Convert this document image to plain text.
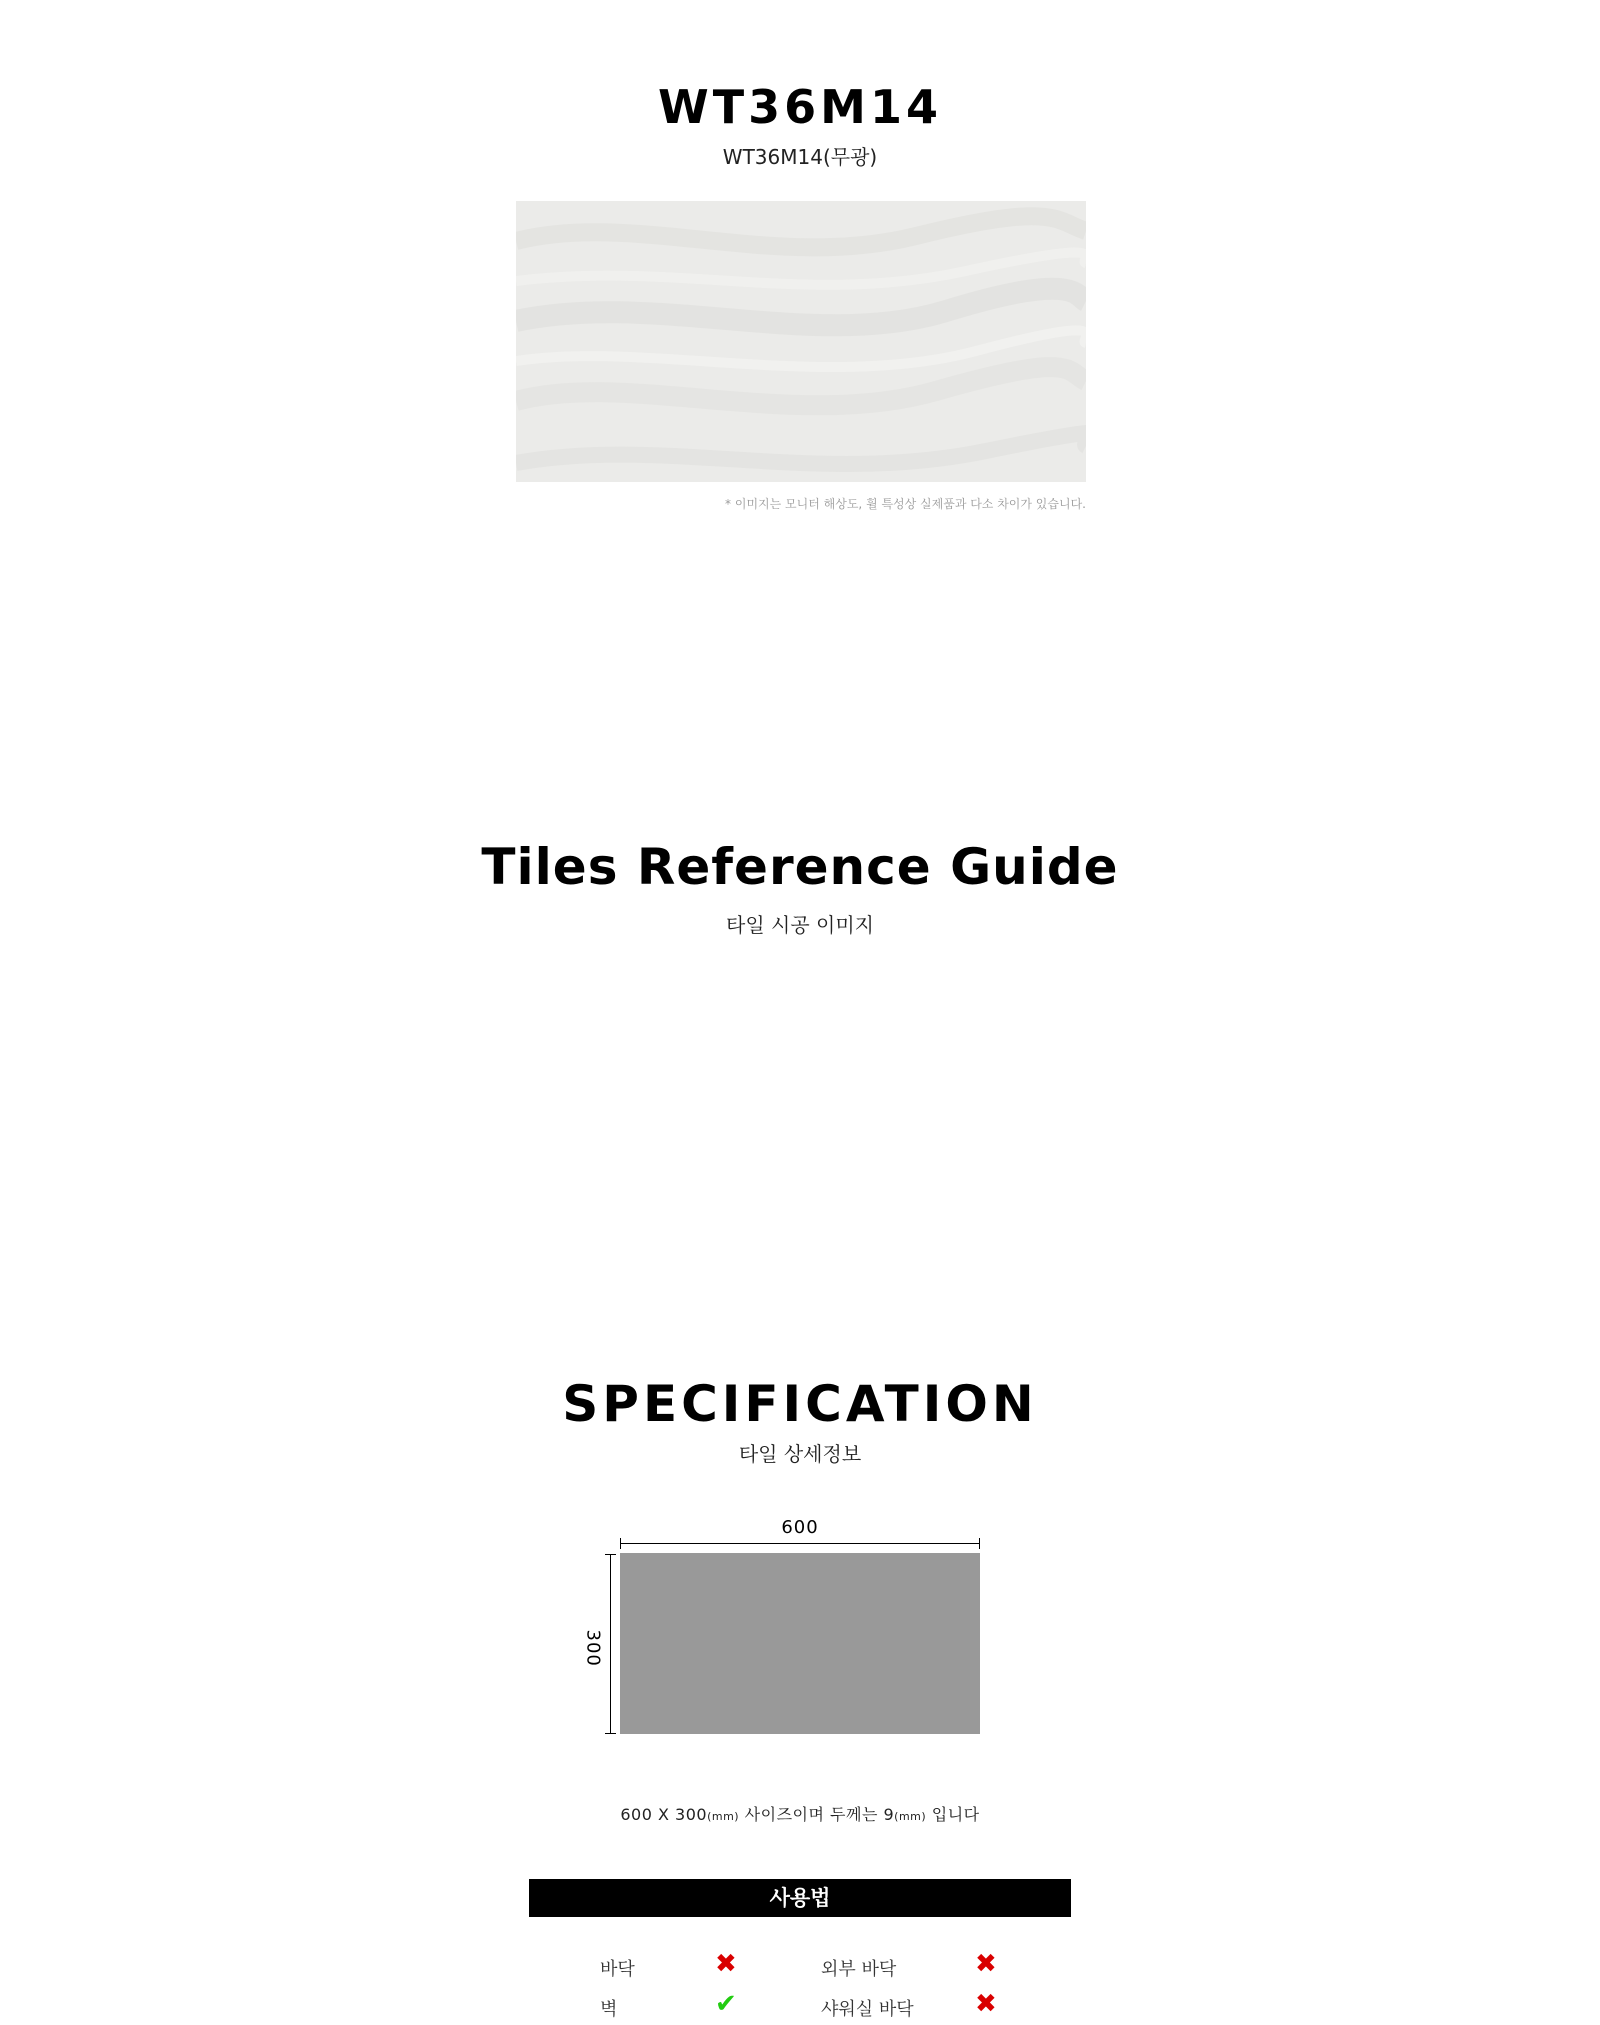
WT36M14
WT36M14(무광)
* 이미지는 모니터 해상도, 휠 특성상 실제품과 다소 차이가 있습니다.
Tiles Reference Guide
타일 시공 이미지
SPECIFICATION
타일 상세정보
600
300
600 X 300(mm) 사이즈이며 두께는 9(mm) 입니다
사용법
바닥	✖	외부 바닥	✖
벽	✔	샤워실 바닥 ✖
